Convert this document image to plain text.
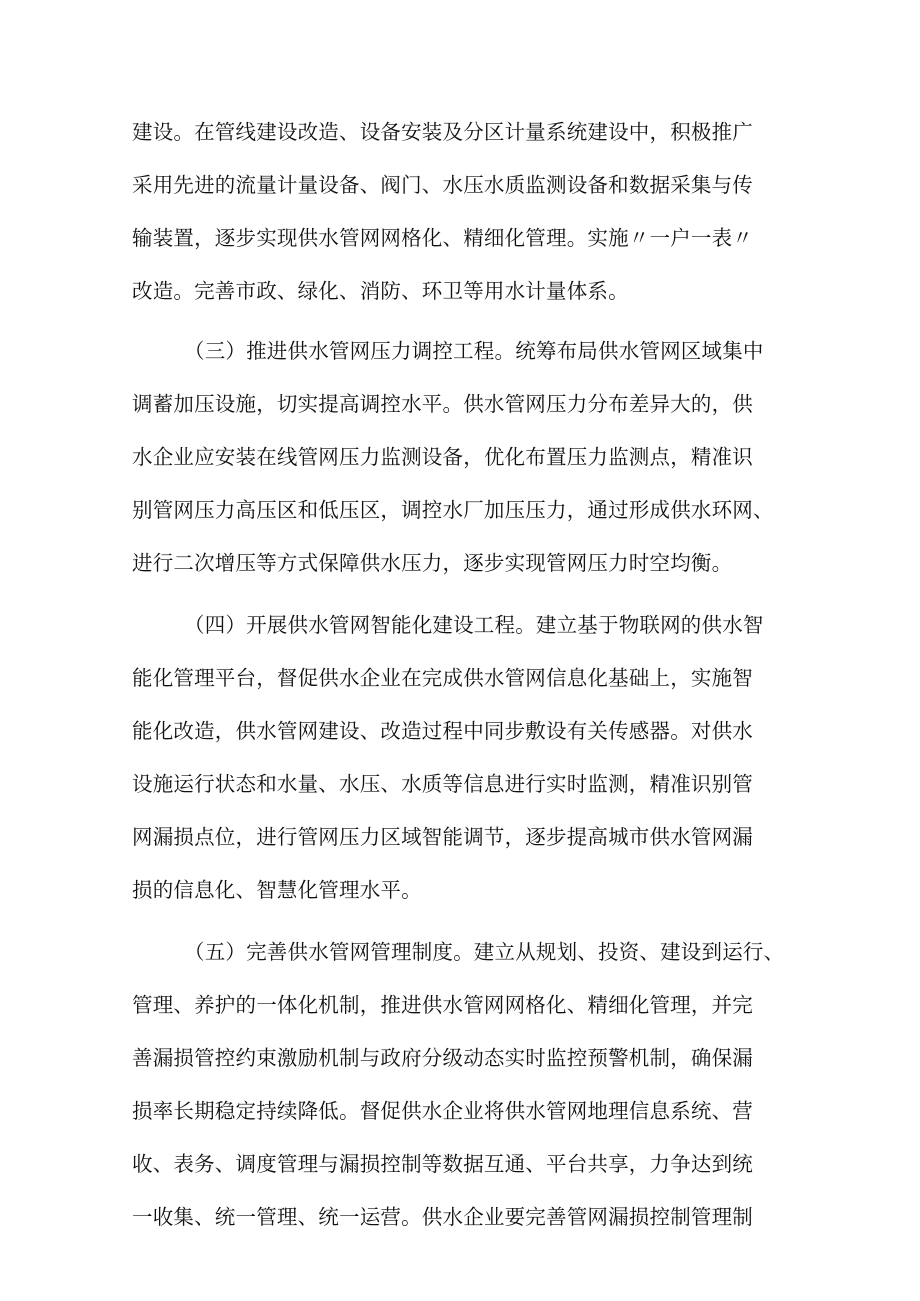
建设。在管线建设改造、设备安装及分区计量系统建设中，积极推广
采用先进的流量计量设备、阀门、水压水质监测设备和数据采集与传
输装置，逐步实现供水管网网格化、精细化管理。实施〃一户一表〃
改造。完善市政、绿化、消防、环卫等用水计量体系。
（三）推进供水管网压力调控工程。统筹布局供水管网区域集中
调蓄加压设施，切实提高调控水平。供水管网压力分布差异大的，供
水企业应安装在线管网压力监测设备，优化布置压力监测点，精准识
别管网压力高压区和低压区，调控水厂加压压力，通过形成供水环网、
进行二次增压等方式保障供水压力，逐步实现管网压力时空均衡。
（四）开展供水管网智能化建设工程。建立基于物联网的供水智
能化管理平台，督促供水企业在完成供水管网信息化基础上，实施智
能化改造，供水管网建设、改造过程中同步敷设有关传感器。对供水
设施运行状态和水量、水压、水质等信息进行实时监测，精准识别管
网漏损点位，进行管网压力区域智能调节，逐步提高城市供水管网漏
损的信息化、智慧化管理水平。
（五）完善供水管网管理制度。建立从规划、投资、建设到运行、
管理、养护的一体化机制，推进供水管网网格化、精细化管理，并完
善漏损管控约束激励机制与政府分级动态实时监控预警机制，确保漏
损率长期稳定持续降低。督促供水企业将供水管网地理信息系统、营
收、表务、调度管理与漏损控制等数据互通、平台共享，力争达到统
一收集、统一管理、统一运营。供水企业要完善管网漏损控制管理制
